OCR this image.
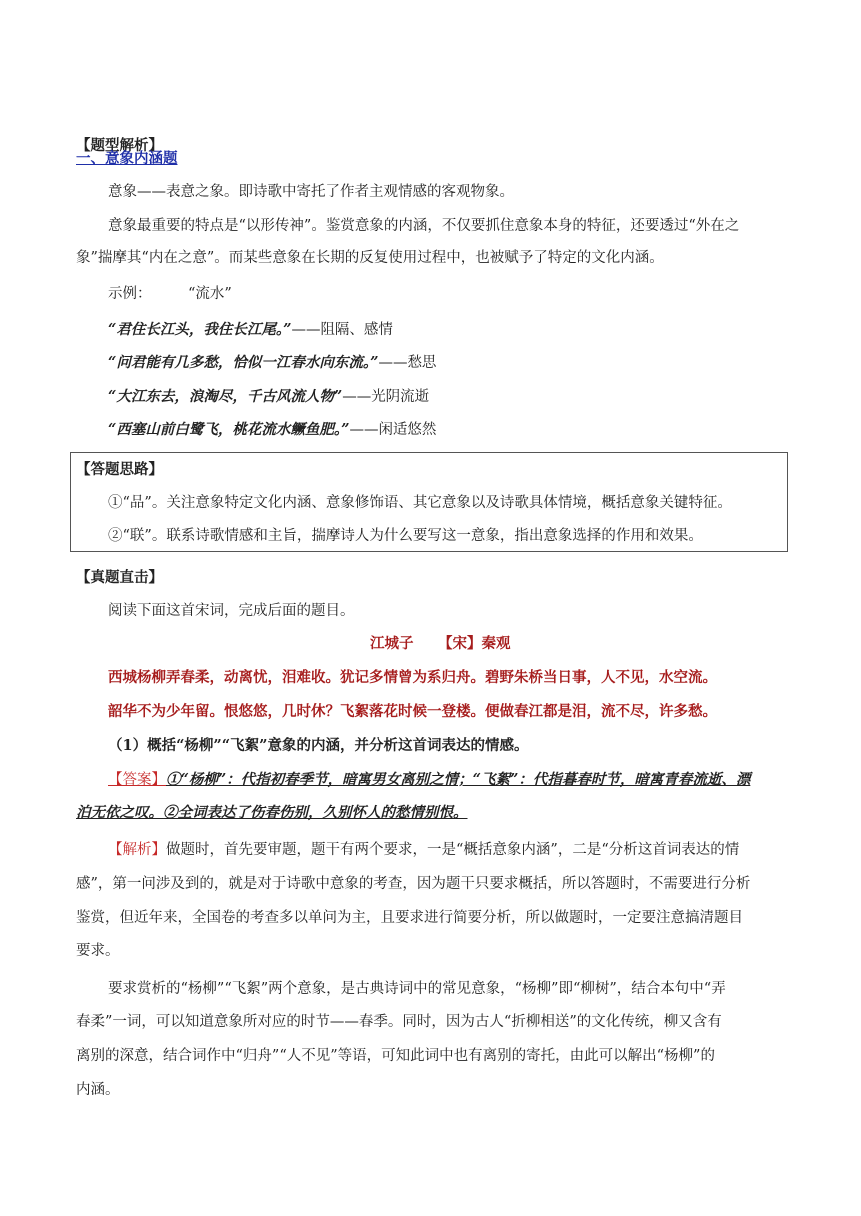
【题型解析】
一、意象内涵题
意象——表意之象。即诗歌中寄托了作者主观情感的客观物象。
意象最重要的特点是“以形传神”。鉴赏意象的内涵，不仅要抓住意象本身的特征，还要透过“外在之
象”揣摩其“内在之意”。而某些意象在长期的反复使用过程中，也被赋予了特定的文化内涵。
示例：	“流水”
“君住长江头，我住长江尾。”——阻隔、感情
“问君能有几多愁，恰似一江春水向东流。”——愁思
“大江东去，浪淘尽，千古风流人物”——光阴流逝
“西塞山前白鹭飞，桃花流水鳜鱼肥。”——闲适悠然
【答题思路】
①“品”。关注意象特定文化内涵、意象修饰语、其它意象以及诗歌具体情境，概括意象关键特征。
②“联”。联系诗歌情感和主旨，揣摩诗人为什么要写这一意象，指出意象选择的作用和效果。
【真题直击】
阅读下面这首宋词，完成后面的题目。
江城子 【宋】秦观
西城杨柳弄春柔，动离忧，泪难收。犹记多情曾为系归舟。碧野朱桥当日事，人不见，水空流。
韶华不为少年留。恨悠悠，几时休？飞絮落花时候一登楼。便做春江都是泪，流不尽，许多愁。
（1）概括“杨柳”“飞絮”意象的内涵，并分析这首词表达的情感。
【答案】①“杨柳”：代指初春季节，暗寓男女离别之情；“飞絮”：代指暮春时节，暗寓青春流逝、漂
泊无依之叹。②全词表达了伤春伤别，久别怀人的愁情别恨。
【解析】做题时，首先要审题，题干有两个要求，一是“概括意象内涵”，二是“分析这首词表达的情
感”，第一问涉及到的，就是对于诗歌中意象的考查，因为题干只要求概括，所以答题时，不需要进行分析
鉴赏，但近年来，全国卷的考查多以单问为主，且要求进行简要分析，所以做题时，一定要注意搞清题目
要求。
要求赏析的“杨柳”“飞絮”两个意象，是古典诗词中的常见意象，“杨柳”即“柳树”，结合本句中“弄
春柔”一词，可以知道意象所对应的时节——春季。同时，因为古人“折柳相送”的文化传统，柳又含有
离别的深意，结合词作中“归舟”“人不见”等语，可知此词中也有离别的寄托，由此可以解出“杨柳”的
内涵。
